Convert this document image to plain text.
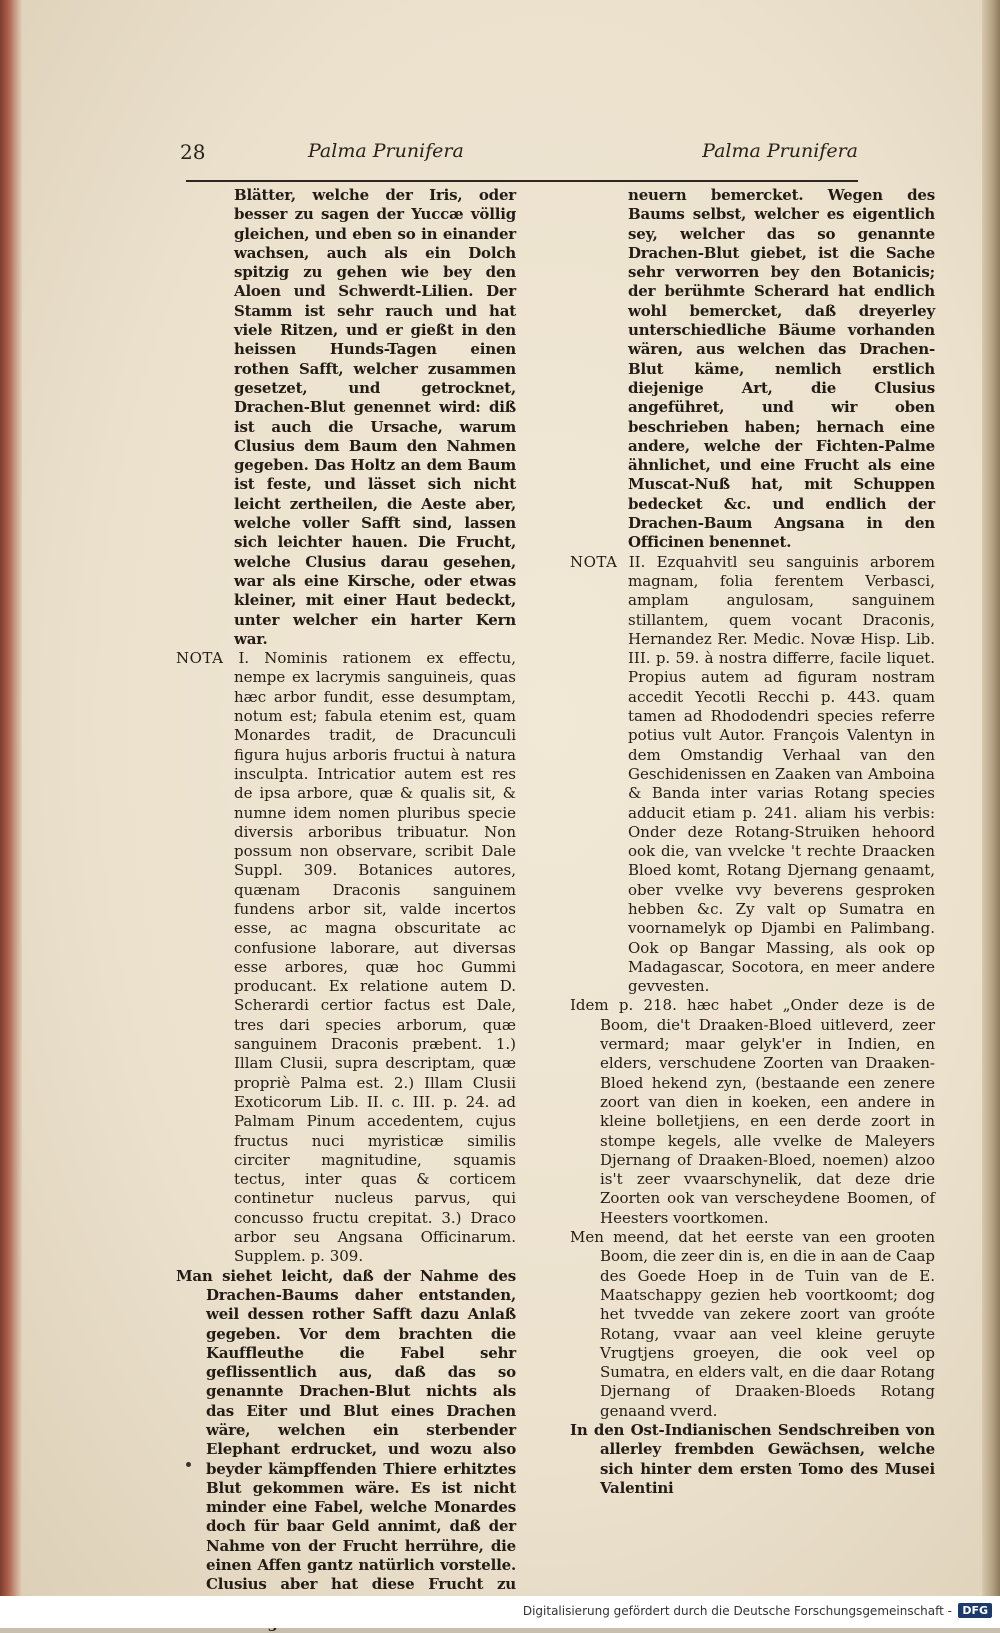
28	Palma Prunifera	Palma Prunifera

Blätter, welche der Iris, oder besser zu sagen der Yuccæ völlig gleichen, und eben so in einander wachsen, auch als ein Dolch spitzig zu gehen wie bey den Aloen und Schwerdt-Lilien. Der Stamm ist sehr rauch und hat viele Ritzen, und er gießt in den heissen Hunds-Tagen einen rothen Safft, welcher zusammen gesetzet, und getrocknet, Drachen-Blut genennet wird: diß ist auch die Ursache, warum Clusius dem Baum den Nahmen gegeben. Das Holtz an dem Baum ist feste, und lässet sich nicht leicht zertheilen, die Aeste aber, welche voller Safft sind, lassen sich leichter hauen. Die Frucht, welche Clusius darau gesehen, war als eine Kirsche, oder etwas kleiner, mit einer Haut bedeckt, unter welcher ein harter Kern war.

NOTA I. Nominis rationem ex effectu, nempe ex lacrymis sanguineis, quas hæc arbor fundit, esse desumptam, notum est; fabula etenim est, quam Monardes tradit, de Dracunculi figura hujus arboris fructui à natura insculpta. Intricatior autem est res de ipsa arbore, quæ & qualis sit, & numne idem nomen pluribus specie diversis arboribus tribuatur. Non possum non observare, scribit Dale Suppl. 309. Botanices autores, quænam Draconis sanguinem fundens arbor sit, valde incertos esse, ac magna obscuritate ac confusione laborare, aut diversas esse arbores, quæ hoc Gummi producant. Ex relatione autem D. Scherardi certior factus est Dale, tres dari species arborum, quæ sanguinem Draconis præbent. 1.) Illam Clusii, supra descriptam, quæ propriè Palma est. 2.) Illam Clusii Exoticorum Lib. II. c. III. p. 24. ad Palmam Pinum accedentem, cujus fructus nuci myristicæ similis circiter magnitudine, squamis tectus, inter quas & corticem continetur nucleus parvus, qui concusso fructu crepitat. 3.) Draco arbor seu Angsana Officinarum. Supplem. p. 309.

Man siehet leicht, daß der Nahme des Drachen-Baums daher entstanden, weil dessen rother Safft dazu Anlaß gegeben. Vor dem brachten die Kauffleuthe die Fabel sehr geflissentlich aus, daß das so genannte Drachen-Blut nichts als das Eiter und Blut eines Drachen wäre, welchen ein sterbender Elephant erdrucket, und wozu also beyder kämpffenden Thiere erhitztes Blut gekommen wäre. Es ist nicht minder eine Fabel, welche Monardes doch für baar Geld annimt, daß der Nahme von der Frucht herrühre, die einen Affen gantz natürlich vorstelle. Clusius aber hat diese Frucht zu

neuern bemercket. Wegen des Baums selbst, welcher es eigentlich sey, welcher das so genannte Drachen-Blut giebet, ist die Sache sehr verworren bey den Botanicis; der berühmte Scherard hat endlich wohl bemercket, daß dreyerley unterschiedliche Bäume vorhanden wären, aus welchen das Drachen-Blut käme, nemlich erstlich diejenige Art, die Clusius angeführet, und wir oben beschrieben haben; hernach eine andere, welche der Fichten-Palme ähnlichet, und eine Frucht als eine Muscat-Nuß hat, mit Schuppen bedecket &c. und endlich der Drachen-Baum Angsana in den Officinen benennet.

NOTA II. Ezquahvitl seu sanguinis arborem magnam, folia ferentem Verbasci, amplam angulosam, sanguinem stillantem, quem vocant Draconis, Hernandez Rer. Medic. Novæ Hisp. Lib. III. p. 59. à nostra differre, facile liquet. Propius autem ad figuram nostram accedit Yecotli Recchi p. 443. quam tamen ad Rhododendri species referre potius vult Autor. François Valentyn in dem Omstandig Verhaal van den Geschidenissen en Zaaken van Amboina & Banda inter varias Rotang species adducit etiam p. 241. aliam his verbis: Onder deze Rotang-Struiken hehoord ook die, van vvelcke 't rechte Draacken Bloed komt, Rotang Djernang genaamt, ober vvelke vvy beverens gesproken hebben &c. Zy valt op Sumatra en voornamelyk op Djambi en Palimbang. Ook op Bangar Massing, als ook op Madagascar, Socotora, en meer andere gevvesten.

Idem p. 218. hæc habet „Onder deze is de Boom, die't Draaken-Bloed uitleverd, zeer vermard; maar gelyk'er in Indien, en elders, verschudene Zoorten van Draaken-Bloed hekend zyn, (bestaande een zenere zoort van dien in koeken, een andere in kleine bolletjiens, en een derde zoort in stompe kegels, alle vvelke de Maleyers Djernang of Draaken-Bloed, noemen) alzoo is't zeer vvaarschynelik, dat deze drie Zoorten ook van verscheydene Boomen, of Heesters voortkomen.

Men meend, dat het eerste van een grooten Boom, die zeer din is, en die in aan de Caap des Goede Hoep in de Tuin van de E. Maatschappy gezien heb voortkoomt; dog het tvvedde van zekere zoort van groóte Rotang, vvaar aan veel kleine geruyte Vrugtjens groeyen, die ook veel op Sumatra, en elders valt, en die daar Rotang Djernang of Draaken-Bloeds Rotang genaand vverd.

In den Ost-Indianischen Sendschreiben von allerley frembden Gewächsen, welche sich hinter dem ersten Tomo des Musei Valentini

Digitalisierung gefördert durch die Deutsche Forschungsgemeinschaft - DFG
